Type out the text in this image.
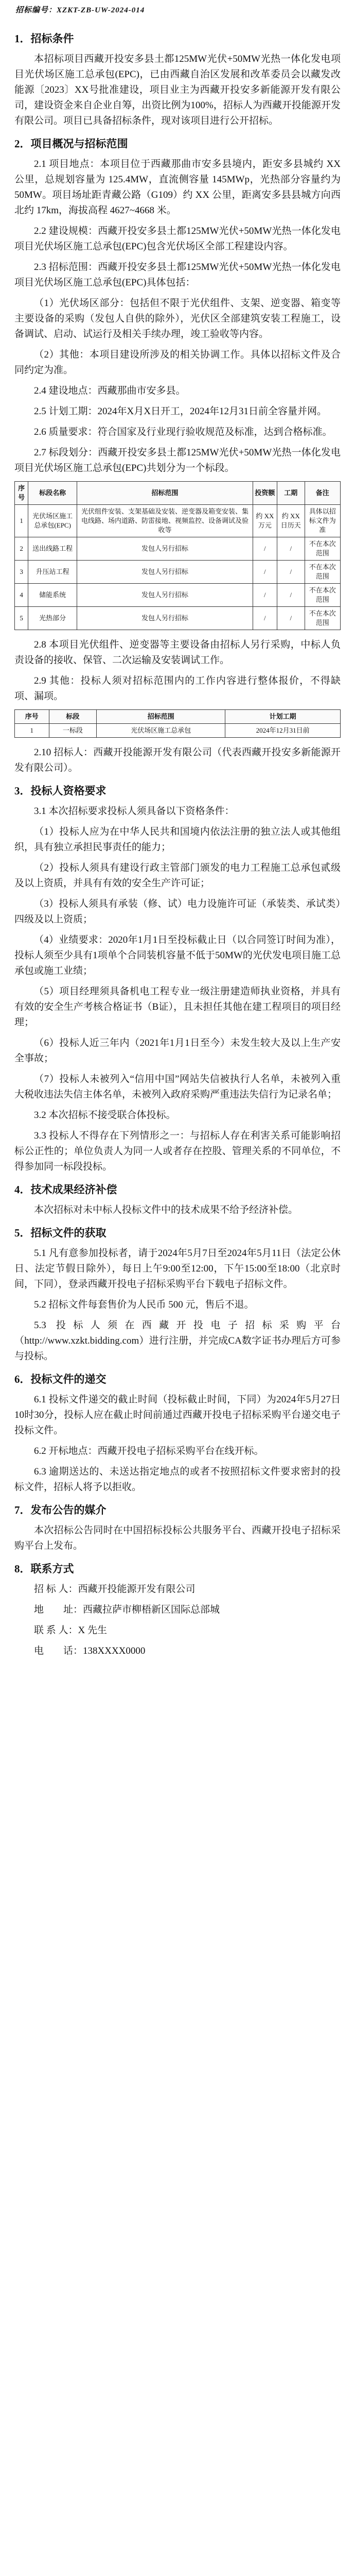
招标编号：XZKT-ZB-UW-2024-014

1．招标条件

本招标项目西藏开投安多县土都125MW光伏+50MW光热一体化发电项目光伏场区施工总承包(EPC)，已由西藏自治区发展和改革委员会以藏发改能源〔2023〕XX号批准建设，项目业主为西藏开投安多新能源开发有限公司，建设资金来自企业自筹，出资比例为100%，招标人为西藏开投能源开发有限公司。项目已具备招标条件，现对该项目进行公开招标。

2．项目概况与招标范围

2.1 项目地点：本项目位于西藏那曲市安多县境内，距安多县城约 XX 公里，总规划容量为 125.4MW，直流侧容量 145MWp，光热部分容量约为 50MW。项目场址距青藏公路（G109）约 XX 公里，距离安多县县城方向西北约 17km，海拔高程 4627~4668 米。

2.2 建设规模：西藏开投安多县土都125MW光伏+50MW光热一体化发电项目光伏场区施工总承包(EPC)包含光伏场区全部工程建设内容。

2.3 招标范围：西藏开投安多县土都125MW光伏+50MW光热一体化发电项目光伏场区施工总承包(EPC)具体包括：

（1）光伏场区部分：包括但不限于光伏组件、支架、逆变器、箱变等主要设备的采购（发包人自供的除外），光伏区全部建筑安装工程施工，设备调试、启动、试运行及相关手续办理，竣工验收等内容。

（2）其他：本项目建设所涉及的相关协调工作。具体以招标文件及合同约定为准。

2.4 建设地点：西藏那曲市安多县。

2.5 计划工期：2024年X月X日开工，2024年12月31日前全容量并网。

2.6 质量要求：符合国家及行业现行验收规范及标准，达到合格标准。

2.7 标段划分：西藏开投安多县土都125MW光伏+50MW光热一体化发电项目光伏场区施工总承包(EPC)共划分为一个标段。

序号	标段名称	招标范围	投资额	工期	备注
1	光伏场区施工总承包(EPC)	光伏组件安装、支架基础及安装、逆变器及箱变安装、集电线路、场内道路、防雷接地、视频监控、设备调试及验收等	约 XX 万元	约 XX 日历天	具体以招标文件为准
2	送出线路工程	发包人另行招标	/	/	不在本次范围
3	升压站工程	发包人另行招标	/	/	不在本次范围
4	储能系统	发包人另行招标	/	/	不在本次范围
5	光热部分	发包人另行招标	/	/	不在本次范围

2.8 本项目光伏组件、逆变器等主要设备由招标人另行采购，中标人负责设备的接收、保管、二次运输及安装调试工作。

2.9 其他：投标人须对招标范围内的工作内容进行整体报价，不得缺项、漏项。

序号	标段	招标范围	计划工期
1	一标段	光伏场区施工总承包	2024年12月31日前

2.10 招标人：西藏开投能源开发有限公司（代表西藏开投安多新能源开发有限公司）。

3．投标人资格要求

3.1 本次招标要求投标人须具备以下资格条件：

（1）投标人应为在中华人民共和国境内依法注册的独立法人或其他组织，具有独立承担民事责任的能力；

（2）投标人须具有建设行政主管部门颁发的电力工程施工总承包贰级及以上资质，并具有有效的安全生产许可证；

（3）投标人须具有承装（修、试）电力设施许可证（承装类、承试类）四级及以上资质；

（4）业绩要求：2020年1月1日至投标截止日（以合同签订时间为准），投标人须至少具有1项单个合同装机容量不低于50MW的光伏发电项目施工总承包或施工业绩；

（5）项目经理须具备机电工程专业一级注册建造师执业资格，并具有有效的安全生产考核合格证书（B证），且未担任其他在建工程项目的项目经理；

（6）投标人近三年内（2021年1月1日至今）未发生较大及以上生产安全事故；

（7）投标人未被列入“信用中国”网站失信被执行人名单，未被列入重大税收违法失信主体名单，未被列入政府采购严重违法失信行为记录名单；

3.2 本次招标不接受联合体投标。

3.3 投标人不得存在下列情形之一：与招标人存在利害关系可能影响招标公正性的；单位负责人为同一人或者存在控股、管理关系的不同单位，不得参加同一标段投标。

4．技术成果经济补偿

本次招标对未中标人投标文件中的技术成果不给予经济补偿。

5．招标文件的获取

5.1 凡有意参加投标者，请于2024年5月7日至2024年5月11日（法定公休日、法定节假日除外），每日上午9:00至12:00，下午15:00至18:00（北京时间，下同），登录西藏开投电子招标采购平台下载电子招标文件。

5.2 招标文件每套售价为人民币 500 元，售后不退。

5.3 投标人须在西藏开投电子招标采购平台（http://www.xzkt.bidding.com）进行注册，并完成CA数字证书办理后方可参与投标。

6．投标文件的递交

6.1 投标文件递交的截止时间（投标截止时间，下同）为2024年5月27日10时30分，投标人应在截止时间前通过西藏开投电子招标采购平台递交电子投标文件。

6.2 开标地点：西藏开投电子招标采购平台在线开标。

6.3 逾期送达的、未送达指定地点的或者不按照招标文件要求密封的投标文件，招标人将予以拒收。

7．发布公告的媒介

本次招标公告同时在中国招标投标公共服务平台、西藏开投电子招标采购平台上发布。

8．联系方式

招 标 人：西藏开投能源开发有限公司

地　　址：西藏拉萨市柳梧新区国际总部城

联 系 人：X 先生

电　　话：138XXXX0000
